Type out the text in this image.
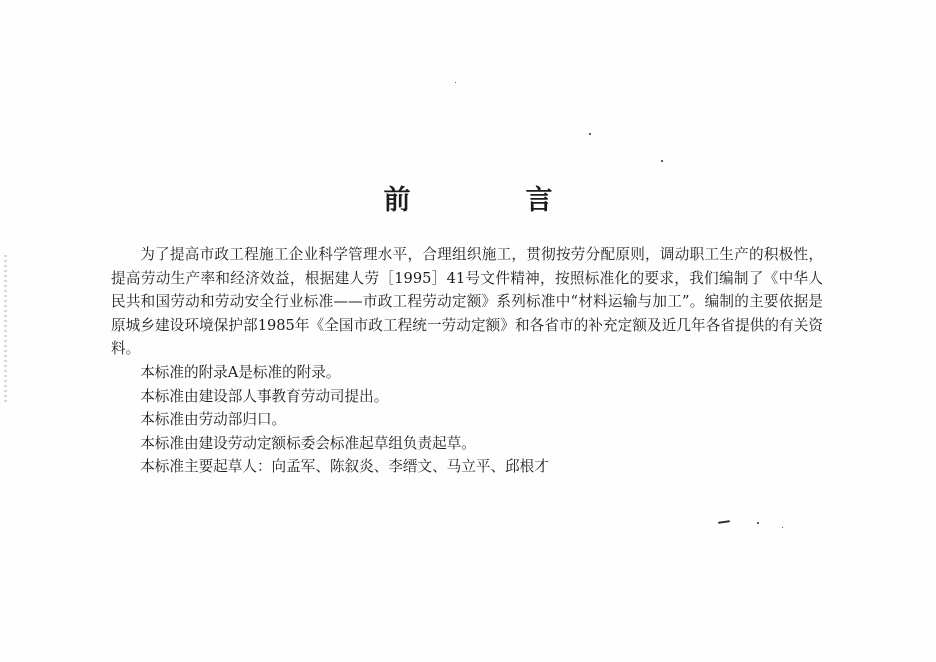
前　言

为了提高市政工程施工企业科学管理水平，合理组织施工，贯彻按劳分配原则，调动职工生产的积极性，提高劳动生产率和经济效益，根据建人劳［1995］41号文件精神，按照标准化的要求，我们编制了《中华人民共和国劳动和劳动安全行业标准——市政工程劳动定额》系列标准中“材料运输与加工”。编制的主要依据是原城乡建设环境保护部1985年《全国市政工程统一劳动定额》和各省市的补充定额及近几年各省提供的有关资料。

本标准的附录A是标准的附录。

本标准由建设部人事教育劳动司提出。

本标准由劳动部归口。

本标准由建设劳动定额标委会标准起草组负责起草。

本标准主要起草人：向孟军、陈叙炎、李缙文、马立平、邱根才
